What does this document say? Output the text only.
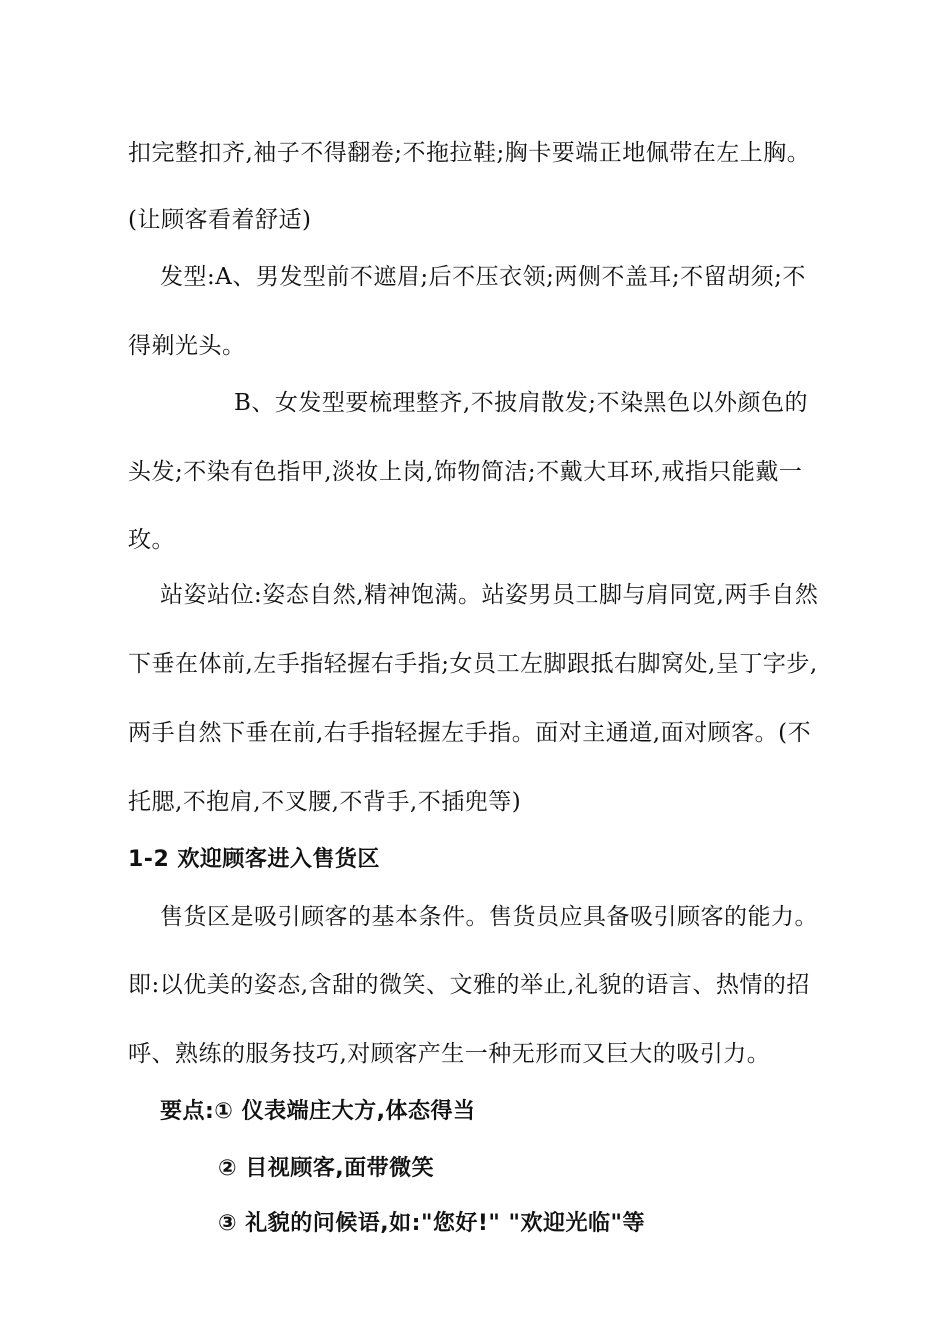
扣完整扣齐,袖子不得翻卷;不拖拉鞋;胸卡要端正地佩带在左上胸。

(让顾客看着舒适)

发型:A、男发型前不遮眉;后不压衣领;两侧不盖耳;不留胡须;不

得剃光头。

B、女发型要梳理整齐,不披肩散发;不染黑色以外颜色的

头发;不染有色指甲,淡妆上岗,饰物简洁;不戴大耳环,戒指只能戴一

玫。

站姿站位:姿态自然,精神饱满。站姿男员工脚与肩同宽,两手自然

下垂在体前,左手指轻握右手指;女员工左脚跟抵右脚窝处,呈丁字步,

两手自然下垂在前,右手指轻握左手指。面对主通道,面对顾客。(不

托腮,不抱肩,不叉腰,不背手,不插兜等)

1-2 欢迎顾客进入售货区

售货区是吸引顾客的基本条件。售货员应具备吸引顾客的能力。

即:以优美的姿态,含甜的微笑、文雅的举止,礼貌的语言、热情的招

呼、熟练的服务技巧,对顾客产生一种无形而又巨大的吸引力。

要点:① 仪表端庄大方,体态得当

② 目视顾客,面带微笑

③ 礼貌的问候语,如:"您好!" "欢迎光临"等
